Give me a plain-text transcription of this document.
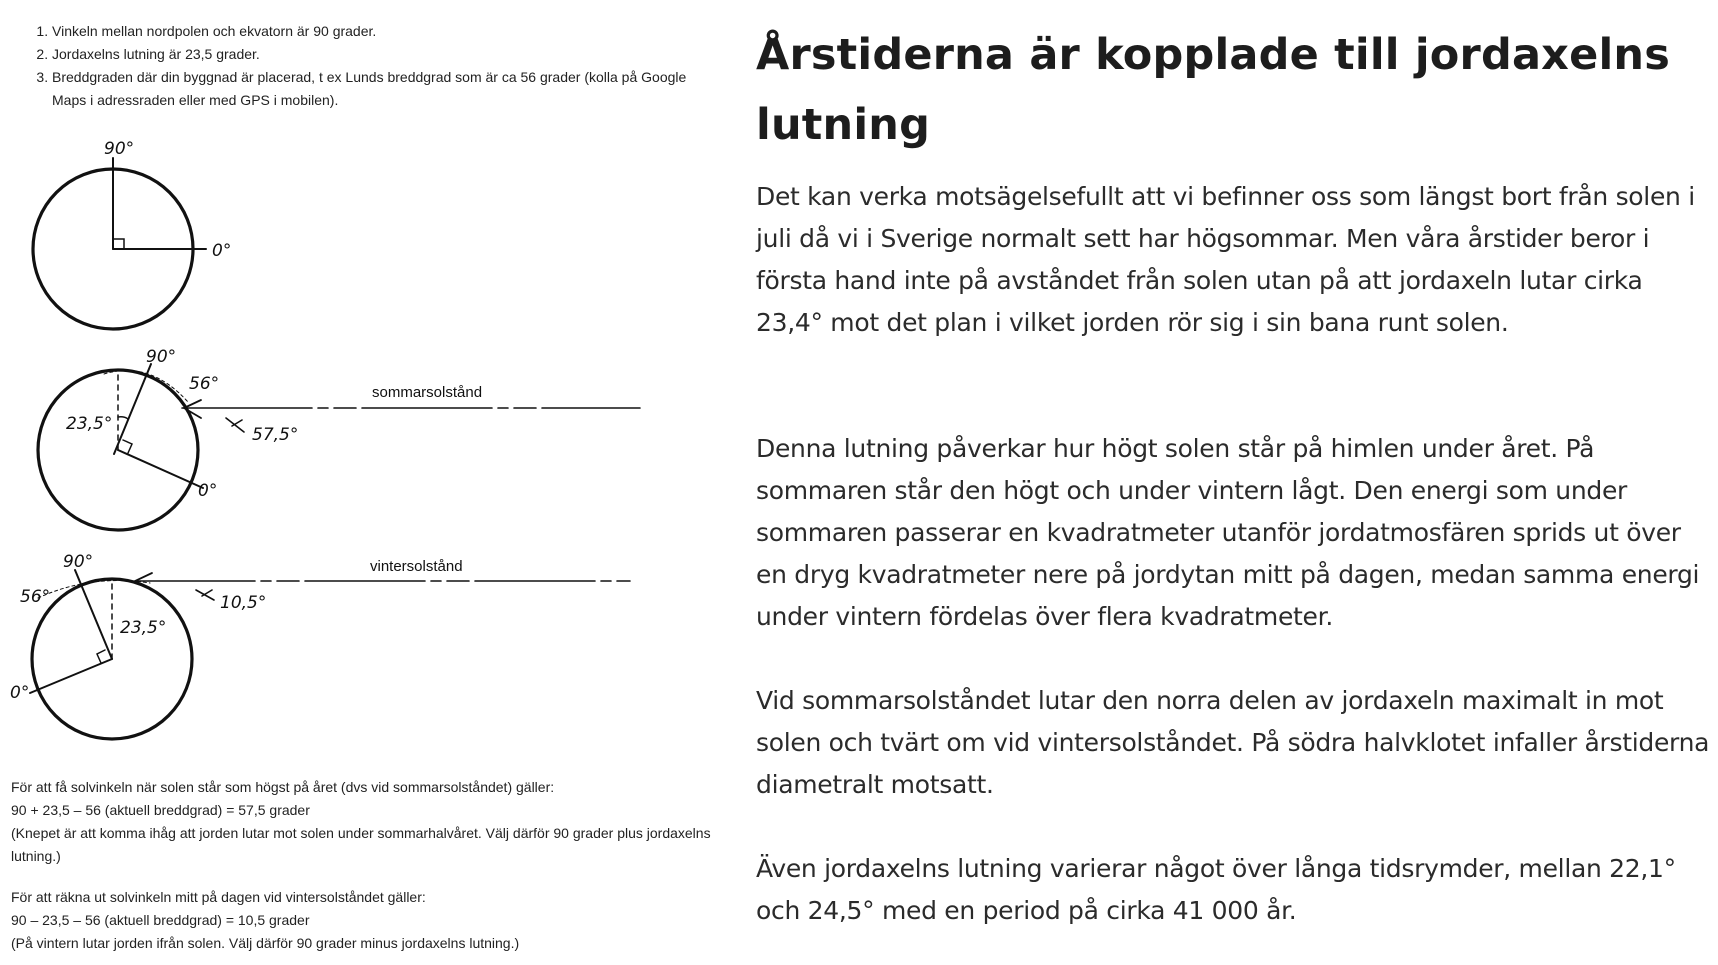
1. Vinkeln mellan nordpolen och ekvatorn är 90 grader.
2. Jordaxelns lutning är 23,5 grader.
3. Breddgraden där din byggnad är placerad, t ex Lunds breddgrad som är ca 56 grader (kolla på Google Maps i adressraden eller med GPS i mobilen).
90°
0°
90°
56°
23,5°
0°
57,5°
sommarsolstånd
90°
56°
23,5°
0°
10,5°
vintersolstånd

För att få solvinkeln när solen står som högst på året (dvs vid sommarsolståndet) gäller:

90 + 23,5 – 56 (aktuell breddgrad) = 57,5 grader

(Knepet är att komma ihåg att jorden lutar mot solen under sommarhalvåret. Välj därför 90 grader plus jordaxelns lutning.)

För att räkna ut solvinkeln mitt på dagen vid vintersolståndet gäller:

90 – 23,5 – 56 (aktuell breddgrad) = 10,5 grader

(På vintern lutar jorden ifrån solen. Välj därför 90 grader minus jordaxelns lutning.)

Årstiderna är kopplade till jordaxelns lutning

Det kan verka motsägelsefullt att vi befinner oss som längst bort från solen i juli då vi i Sverige normalt sett har högsommar. Men våra årstider beror i första hand inte på avståndet från solen utan på att jordaxeln lutar cirka 23,4° mot det plan i vilket jorden rör sig i sin bana runt solen.

Denna lutning påverkar hur högt solen står på himlen under året. På sommaren står den högt och under vintern lågt. Den energi som under sommaren passerar en kvadratmeter utanför jordatmosfären sprids ut över en dryg kvadratmeter nere på jordytan mitt på dagen, medan samma energi under vintern fördelas över flera kvadratmeter.

Vid sommarsolståndet lutar den norra delen av jordaxeln maximalt in mot solen och tvärt om vid vintersolståndet. På södra halvklotet infaller årstiderna diametralt motsatt.

Även jordaxelns lutning varierar något över långa tidsrymder, mellan 22,1° och 24,5° med en period på cirka 41 000 år.
